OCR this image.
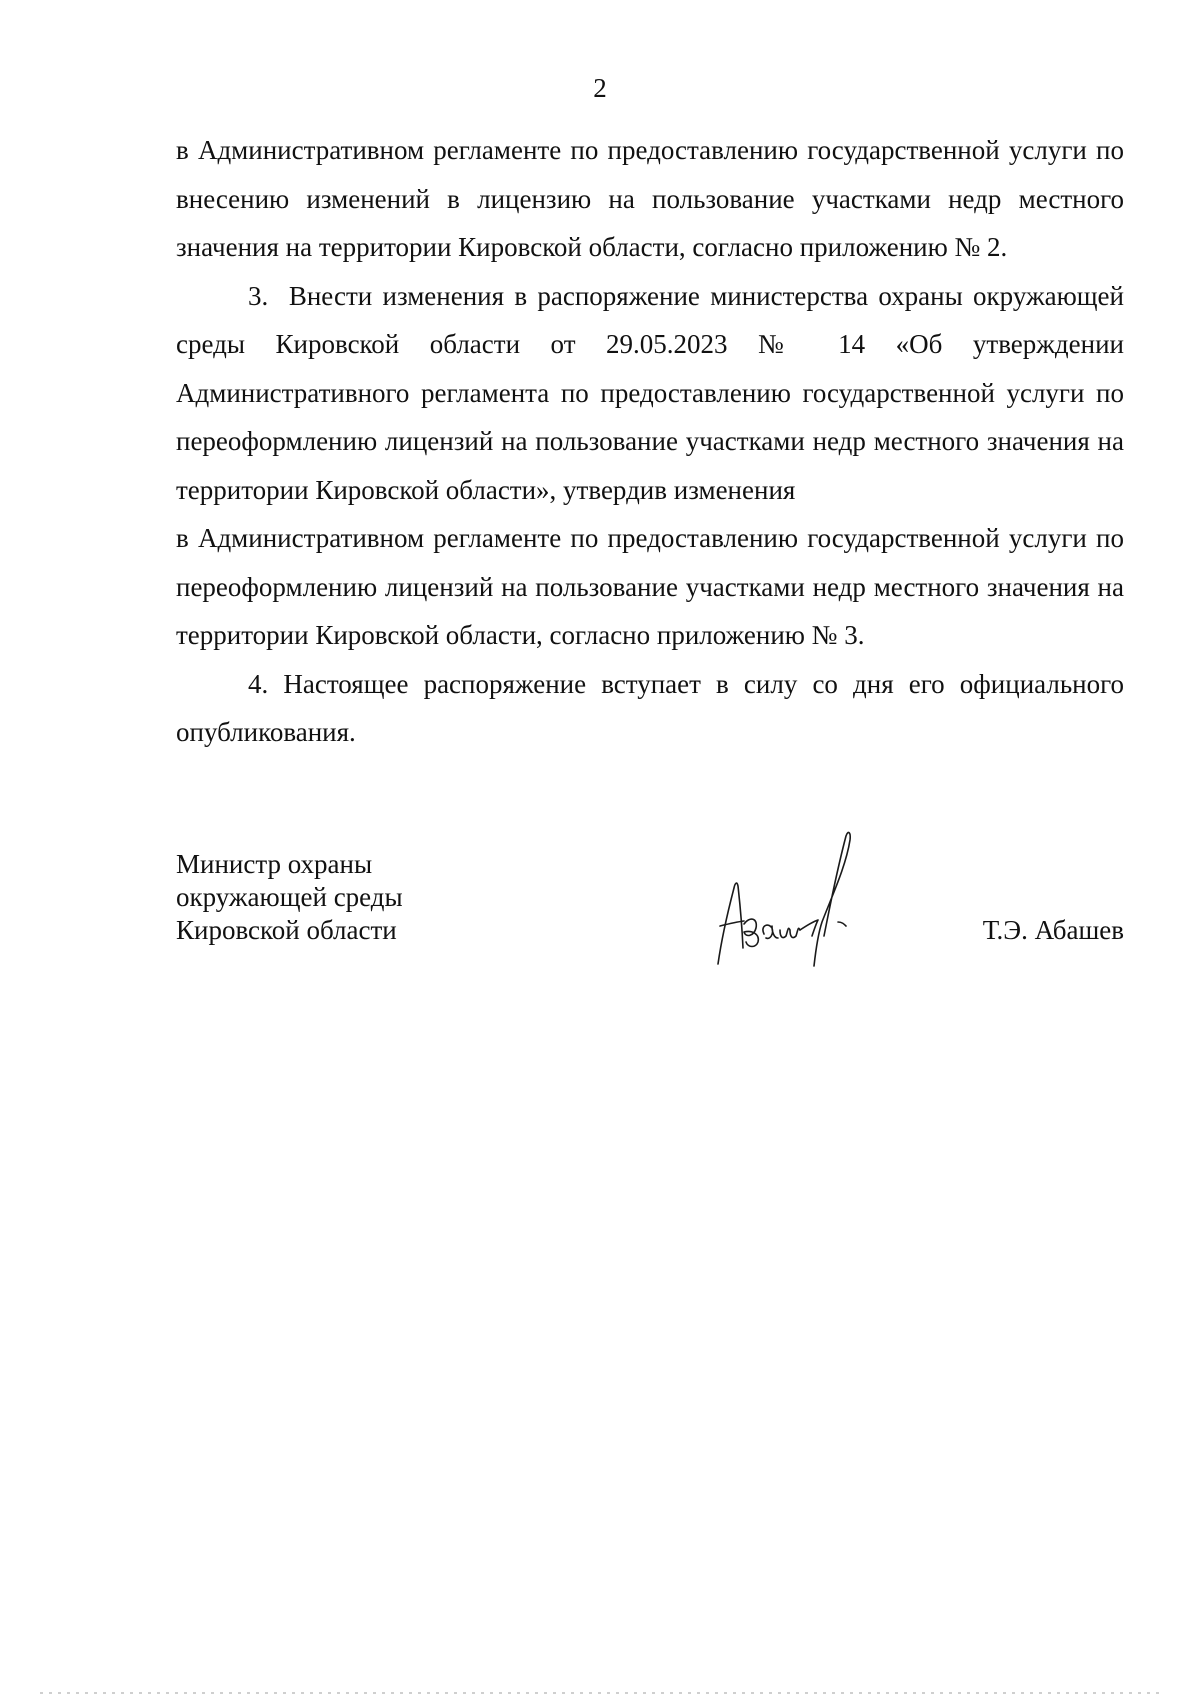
2

в Административном регламенте по предоставлению государственной услуги по внесению изменений в лицензию на пользование участками недр местного значения на территории Кировской области, согласно приложению № 2.

3.  Внести изменения в распоряжение министерства охраны окружающей среды Кировской области от 29.05.2023 № 14 «Об утверждении Административного регламента по предоставлению государственной услуги по переоформлению лицензий на пользование участками недр местного значения на территории Кировской области», утвердив изменения

в Административном регламенте по предоставлению государственной услуги по переоформлению лицензий на пользование участками недр местного значения на территории Кировской области, согласно приложению № 3.

4. Настоящее распоряжение вступает в силу со дня его официального опубликования.

Министр охраны
окружающей среды
Кировской области	Т.Э. Абашев
